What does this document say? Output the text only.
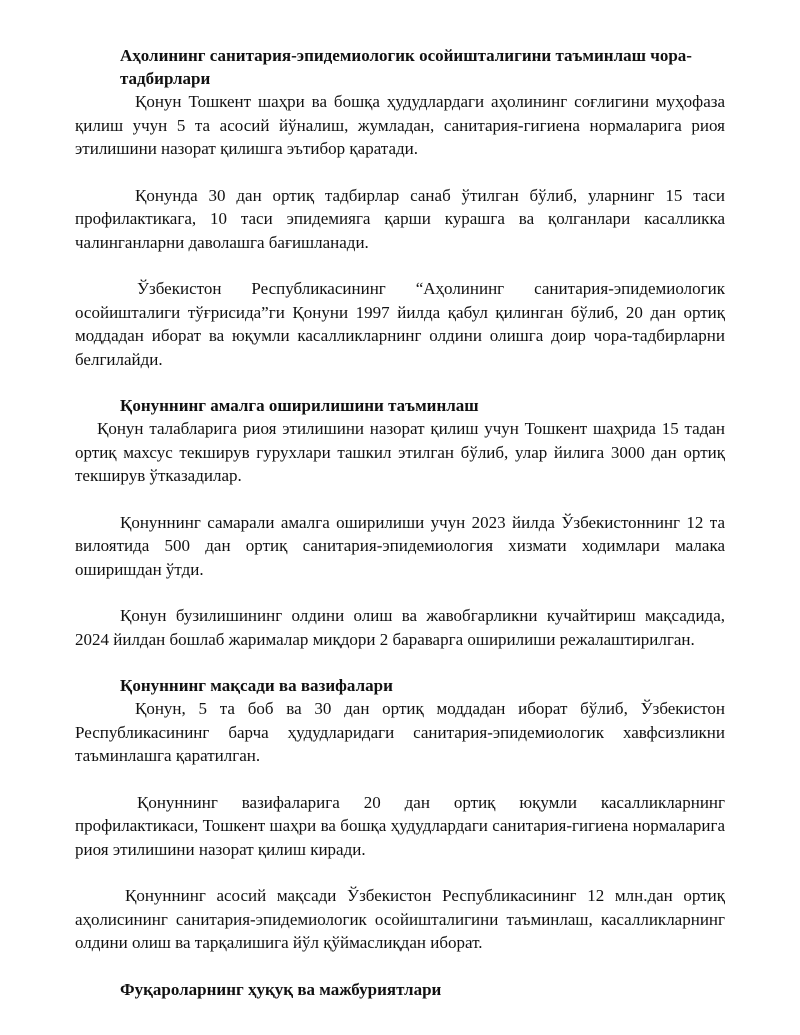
Аҳолининг санитария-эпидемиологик осойишталигини таъминлаш чора-тадбирлари

Қонун Тошкент шаҳри ва бошқа ҳудудлардаги аҳолининг соғлигини муҳофаза қилиш учун 5 та асосий йўналиш, жумладан, санитария-гигиена нормаларига риоя этилишини назорат қилишга эътибор қаратади.

Қонунда 30 дан ортиқ тадбирлар санаб ўтилган бўлиб, уларнинг 15 таси профилактикага, 10 таси эпидемияга қарши курашга ва қолганлари касалликка чалинганларни даволашга бағишланади.

Ўзбекистон Республикасининг “Аҳолининг санитария-эпидемиологик осойишталиги тўғрисида”ги Қонуни 1997 йилда қабул қилинган бўлиб, 20 дан ортиқ моддадан иборат ва юқумли касалликларнинг олдини олишга доир чора-тадбирларни белгилайди.

Қонуннинг амалга оширилишини таъминлаш

Қонун талабларига риоя этилишини назорат қилиш учун Тошкент шаҳрида 15 тадан ортиқ махсус текширув гурухлари ташкил этилган бўлиб, улар йилига 3000 дан ортиқ текширув ўтказадилар.

Қонуннинг самарали амалга оширилиши учун 2023 йилда Ўзбекистоннинг 12 та вилоятида 500 дан ортиқ санитария-эпидемиология хизмати ходимлари малака оширишдан ўтди.

Қонун бузилишининг олдини олиш ва жавобгарликни кучайтириш мақсадида, 2024 йилдан бошлаб жарималар миқдори 2 бараварга оширилиши режалаштирилган.

Қонуннинг мақсади ва вазифалари

Қонун, 5 та боб ва 30 дан ортиқ моддадан иборат бўлиб, Ўзбекистон Республикасининг барча ҳудудларидаги санитария-эпидемиологик хавфсизликни таъминлашга қаратилган.

Қонуннинг вазифаларига 20 дан ортиқ юқумли касалликларнинг профилактикаси, Тошкент шаҳри ва бошқа ҳудудлардаги санитария-гигиена нормаларига риоя этилишини назорат қилиш киради.

Қонуннинг асосий мақсади Ўзбекистон Республикасининг 12 млн.дан ортиқ аҳолисининг санитария-эпидемиологик осойишталигини таъминлаш, касалликларнинг олдини олиш ва тарқалишига йўл қўймаслиқдан иборат.

Фуқароларнинг ҳуқуқ ва мажбуриятлари
